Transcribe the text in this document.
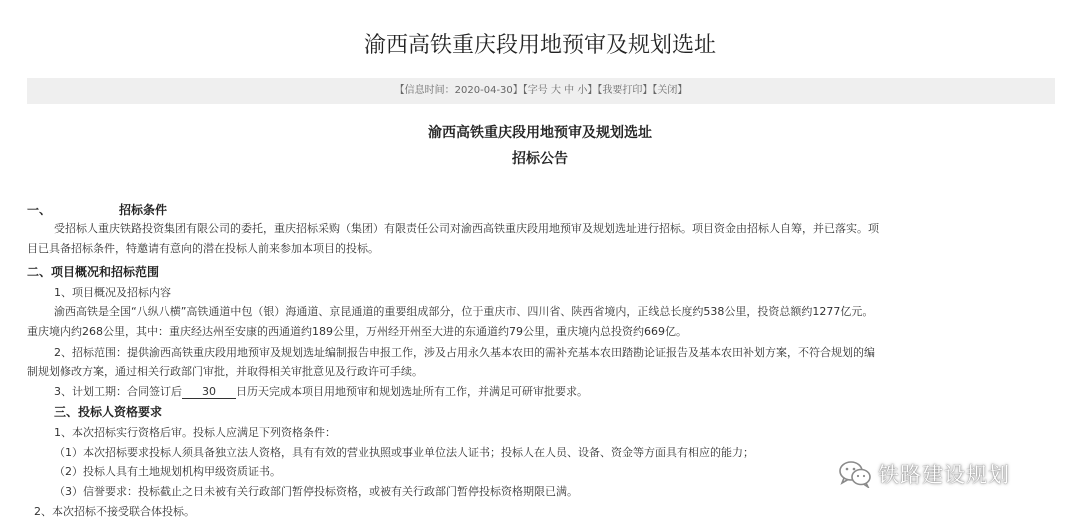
渝西高铁重庆段用地预审及规划选址
【信息时间：2020-04-30】【字号 大 中 小】【我要打印】【关闭】
渝西高铁重庆段用地预审及规划选址
招标公告
一、	招标条件
受招标人重庆铁路投资集团有限公司的委托，重庆招标采购（集团）有限责任公司对渝西高铁重庆段用地预审及规划选址进行招标。项目资金由招标人自筹，并已落实。项
目已具备招标条件，特邀请有意向的潜在投标人前来参加本项目的投标。
二、项目概况和招标范围
1、项目概况及招标内容
渝西高铁是全国“八纵八横”高铁通道中包（银）海通道、京昆通道的重要组成部分，位于重庆市、四川省、陕西省境内，正线总长度约538公里，投资总额约1277亿元。
重庆境内约268公里，其中：重庆经达州至安康的西通道约189公里，万州经开州至大进的东通道约79公里，重庆境内总投资约669亿。
2、招标范围：提供渝西高铁重庆段用地预审及规划选址编制报告申报工作，涉及占用永久基本农田的需补充基本农田踏勘论证报告及基本农田补划方案，不符合规划的编
制规划修改方案，通过相关行政部门审批，并取得相关审批意见及行政许可手续。
3、计划工期：合同签订后 30 日历天完成本项目用地预审和规划选址所有工作，并满足可研审批要求。
三、投标人资格要求
1、本次招标实行资格后审。投标人应满足下列资格条件：
（1）本次招标要求投标人须具备独立法人资格，具有有效的营业执照或事业单位法人证书；投标人在人员、设备、资金等方面具有相应的能力；
（2）投标人具有土地规划机构甲级资质证书。
（3）信誉要求：投标截止之日未被有关行政部门暂停投标资格，或被有关行政部门暂停投标资格期限已满。
2、本次招标不接受联合体投标。
铁路建设规划
